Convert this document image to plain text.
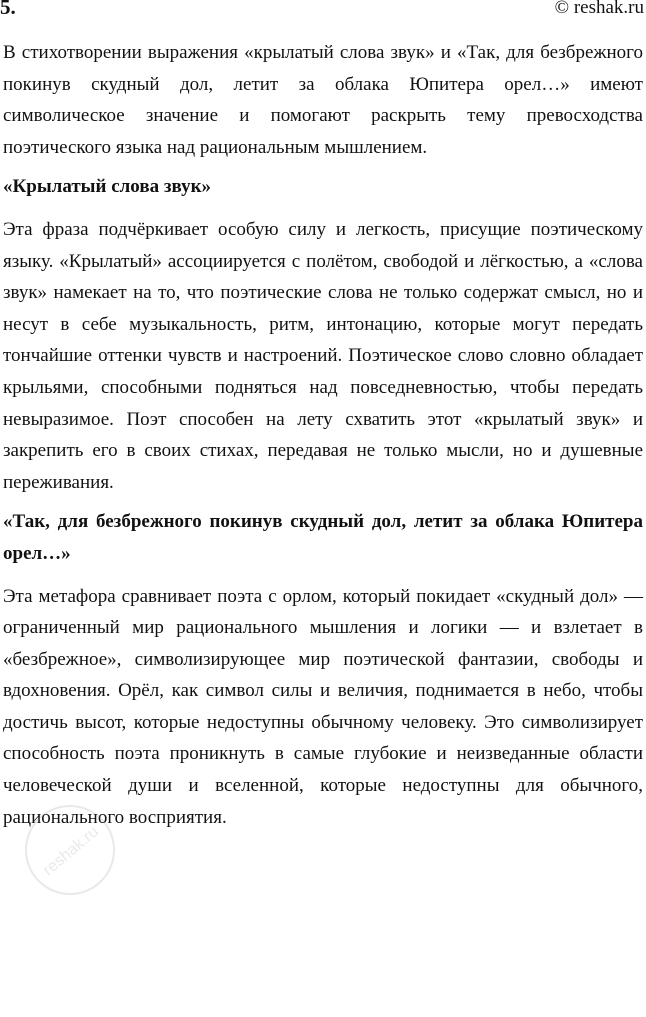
5.	© reshak.ru

В стихотворении выражения «крылатый слова звук» и «Так, для безбрежного покинув скудный дол, летит за облака Юпитера орел…» имеют символическое значение и помогают раскрыть тему превосходства поэтического языка над рациональным мышлением.

«Крылатый слова звук»

Эта фраза подчёркивает особую силу и легкость, присущие поэтическому языку. «Крылатый» ассоциируется с полётом, свободой и лёгкостью, а «слова звук» намекает на то, что поэтические слова не только содержат смысл, но и несут в себе музыкальность, ритм, интонацию, которые могут передать тончайшие оттенки чувств и настроений. Поэтическое слово словно обладает крыльями, способными подняться над повседневностью, чтобы передать невыразимое. Поэт способен на лету схватить этот «крылатый звук» и закрепить его в своих стихах, передавая не только мысли, но и душевные переживания.

«Так, для безбрежного покинув скудный дол, летит за облака Юпитера орел…»

Эта метафора сравнивает поэта с орлом, который покидает «скудный дол» — ограниченный мир рационального мышления и логики — и взлетает в «безбрежное», символизирующее мир поэтической фантазии, свободы и вдохновения. Орёл, как символ силы и величия, поднимается в небо, чтобы достичь высот, которые недоступны обычному человеку. Это символизирует способность поэта проникнуть в самые глубокие и неизведанные области человеческой души и вселенной, которые недоступны для обычного, рационального восприятия.

reshak.ru
